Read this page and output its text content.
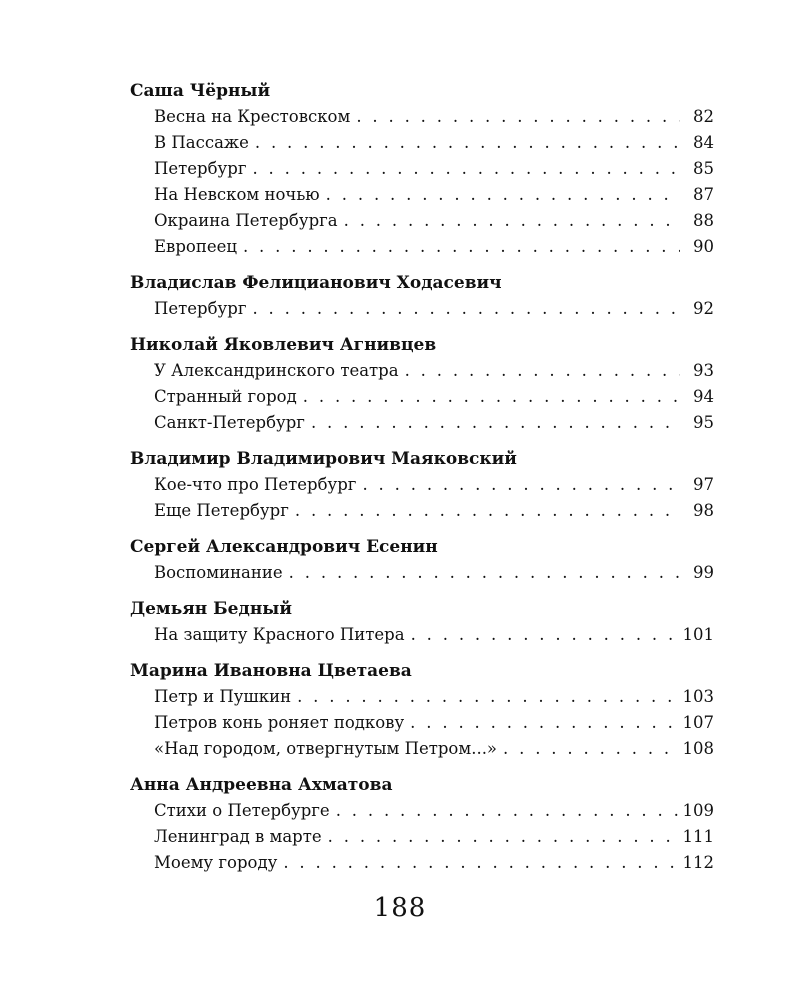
Саша Чёрный
Весна на Крестовском . . .	82
В Пассаже . . .	84
Петербург . . .	85
На Невском ночью . . .	87
Окраина Петербурга . . .	88
Европеец . . .	90
Владислав Фелицианович Ходасевич
Петербург . . .	92
Николай Яковлевич Агнивцев
У Александринского театра . . .	93
Странный город . . .	94
Санкт-Петербург . . .	95
Владимир Владимирович Маяковский
Кое-что про Петербург . . .	97
Еще Петербург . . .	98
Сергей Александрович Есенин
Воспоминание . . .	99
Демьян Бедный
На защиту Красного Питера . . .	101
Марина Ивановна Цветаева
Петр и Пушкин . . .	103
Петров конь роняет подкову . . .	107
«Над городом, отвергнутым Петром...» . . .	108
Анна Андреевна Ахматова
Стихи о Петербурге . . .	109
Ленинград в марте . . .	111
Моему городу . . .	112
188
